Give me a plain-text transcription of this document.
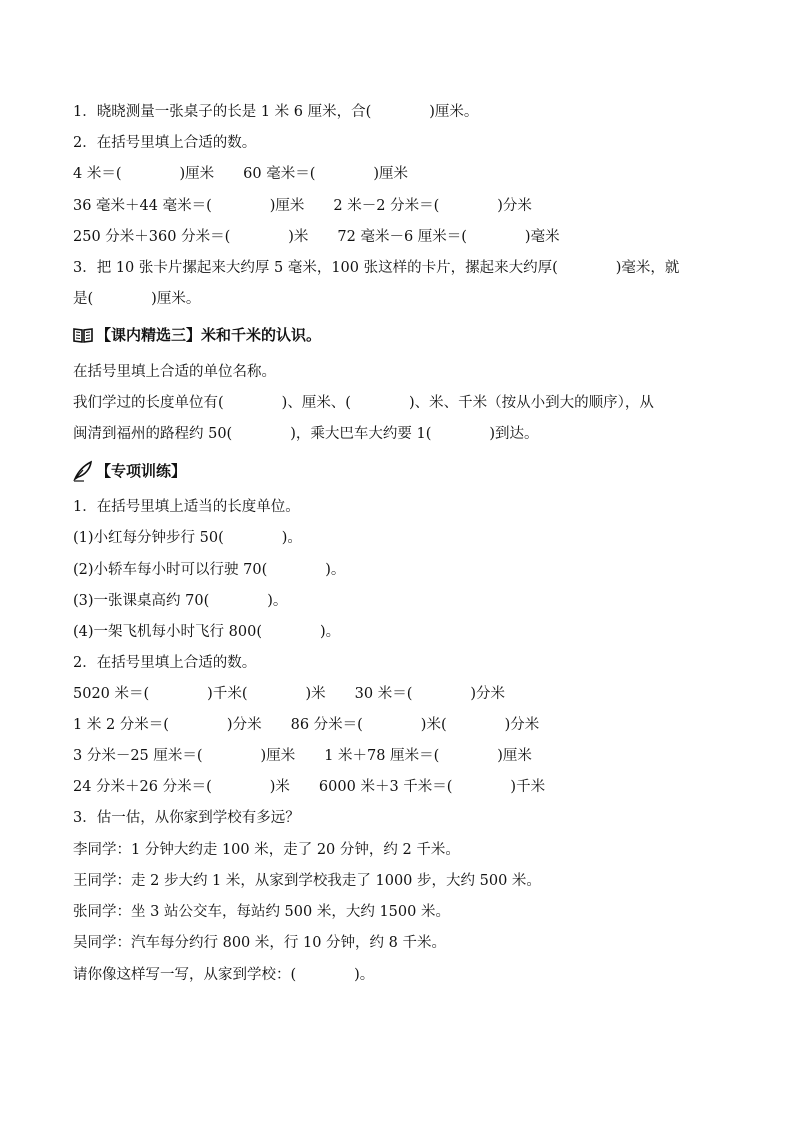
1．晓晓测量一张桌子的长是 1 米 6 厘米，合(　　　　)厘米。
2．在括号里填上合适的数。
4 米＝(　　　　)厘米　　60 毫米＝(　　　　)厘米
36 毫米＋44 毫米＝(　　　　)厘米　　2 米－2 分米＝(　　　　)分米
250 分米＋360 分米＝(　　　　)米　　72 毫米－6 厘米＝(　　　　)毫米
3．把 10 张卡片摞起来大约厚 5 毫米，100 张这样的卡片，摞起来大约厚(　　　　)毫米，就
是(　　　　)厘米。
【课内精选三】米和千米的认识。
在括号里填上合适的单位名称。
我们学过的长度单位有(　　　　)、厘米、(　　　　)、米、千米（按从小到大的顺序），从
闽清到福州的路程约 50(　　　　)，乘大巴车大约要 1(　　　　)到达。
【专项训练】
1．在括号里填上适当的长度单位。
(1)小红每分钟步行 50(　　　　)。
(2)小轿车每小时可以行驶 70(　　　　)。
(3)一张课桌高约 70(　　　　)。
(4)一架飞机每小时飞行 800(　　　　)。
2．在括号里填上合适的数。
5020 米＝(　　　　)千米(　　　　)米　　30 米＝(　　　　)分米
1 米 2 分米＝(　　　　)分米　　86 分米＝(　　　　)米(　　　　)分米
3 分米－25 厘米＝(　　　　)厘米　　1 米＋78 厘米＝(　　　　)厘米
24 分米＋26 分米＝(　　　　)米　　6000 米＋3 千米＝(　　　　)千米
3．估一估，从你家到学校有多远？
李同学：1 分钟大约走 100 米，走了 20 分钟，约 2 千米。
王同学：走 2 步大约 1 米，从家到学校我走了 1000 步，大约 500 米。
张同学：坐 3 站公交车，每站约 500 米，大约 1500 米。
吴同学：汽车每分约行 800 米，行 10 分钟，约 8 千米。
请你像这样写一写，从家到学校：(　　　　)。
